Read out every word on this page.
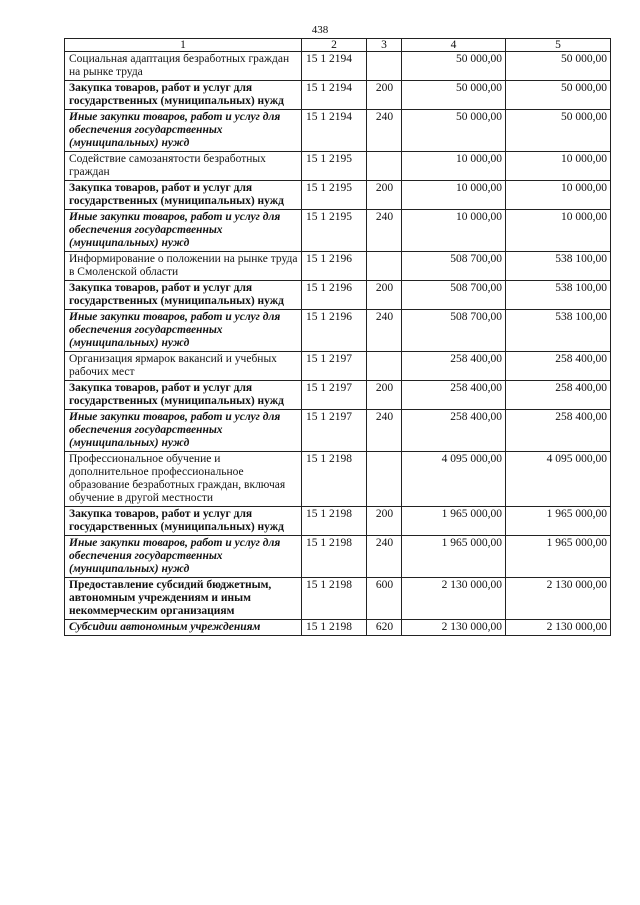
438
1	2	3	4	5
Социальная адаптация безработных граждан на рынке труда	15 1 2194		50 000,00	50 000,00
Закупка товаров, работ и услуг для государственных (муниципальных) нужд	15 1 2194	200	50 000,00	50 000,00
Иные закупки товаров, работ и услуг для обеспечения государственных (муниципальных) нужд	15 1 2194	240	50 000,00	50 000,00
Содействие самозанятости безработных граждан	15 1 2195		10 000,00	10 000,00
Закупка товаров, работ и услуг для государственных (муниципальных) нужд	15 1 2195	200	10 000,00	10 000,00
Иные закупки товаров, работ и услуг для обеспечения государственных (муниципальных) нужд	15 1 2195	240	10 000,00	10 000,00
Информирование о положении на рынке труда в Смоленской области	15 1 2196		508 700,00	538 100,00
Закупка товаров, работ и услуг для государственных (муниципальных) нужд	15 1 2196	200	508 700,00	538 100,00
Иные закупки товаров, работ и услуг для обеспечения государственных (муниципальных) нужд	15 1 2196	240	508 700,00	538 100,00
Организация ярмарок вакансий и учебных рабочих мест	15 1 2197		258 400,00	258 400,00
Закупка товаров, работ и услуг для государственных (муниципальных) нужд	15 1 2197	200	258 400,00	258 400,00
Иные закупки товаров, работ и услуг для обеспечения государственных (муниципальных) нужд	15 1 2197	240	258 400,00	258 400,00
Профессиональное обучение и дополнительное профессиональное образование безработных граждан, включая обучение в другой местности	15 1 2198		4 095 000,00	4 095 000,00
Закупка товаров, работ и услуг для государственных (муниципальных) нужд	15 1 2198	200	1 965 000,00	1 965 000,00
Иные закупки товаров, работ и услуг для обеспечения государственных (муниципальных) нужд	15 1 2198	240	1 965 000,00	1 965 000,00
Предоставление субсидий бюджетным, автономным учреждениям и иным некоммерческим организациям	15 1 2198	600	2 130 000,00	2 130 000,00
Субсидии автономным учреждениям	15 1 2198	620	2 130 000,00	2 130 000,00
